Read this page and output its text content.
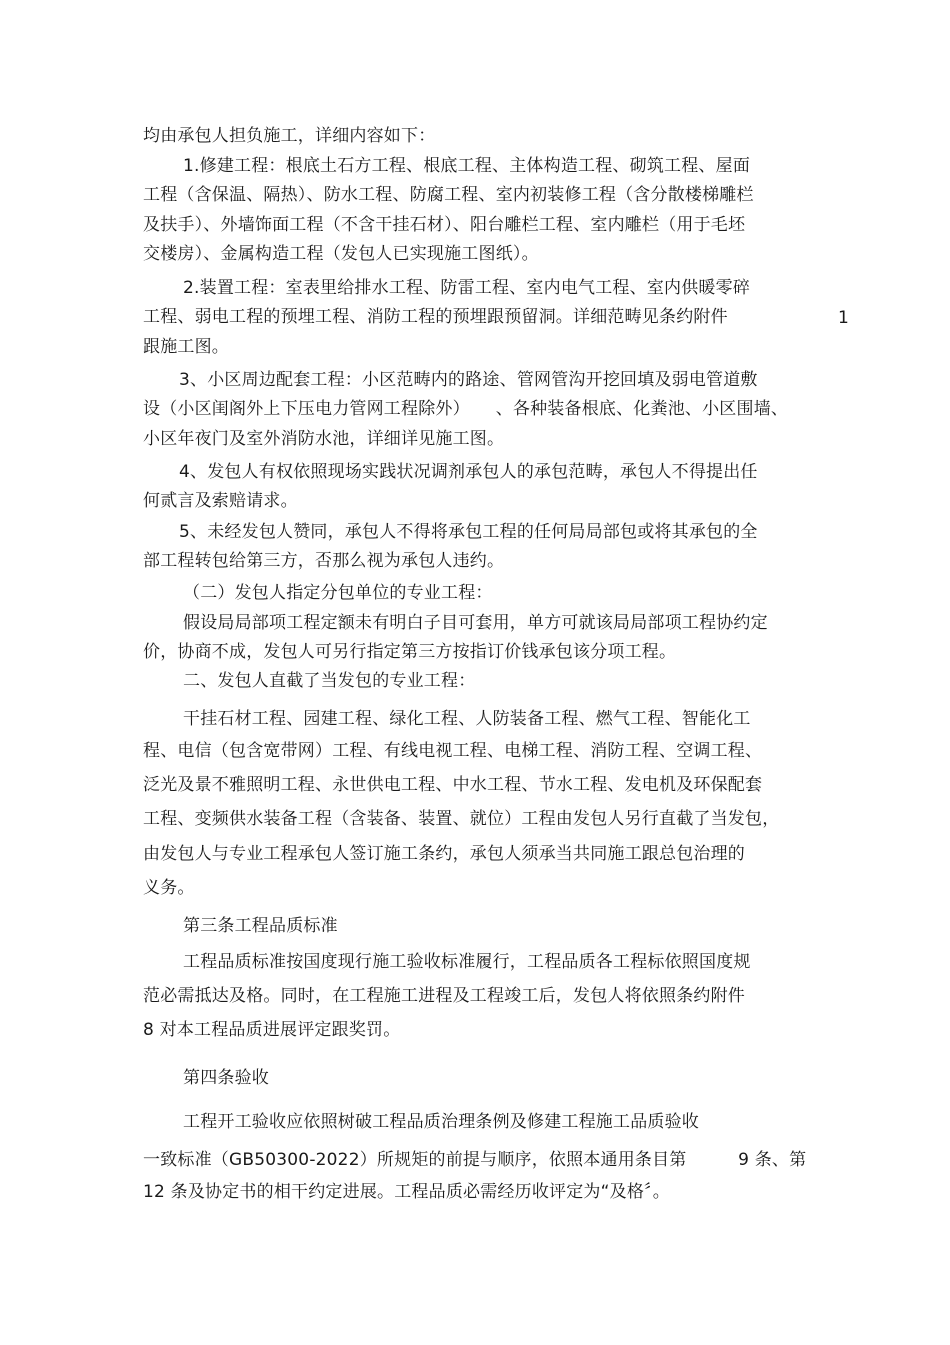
均由承包人担负施工，详细内容如下：
1.修建工程：根底土石方工程、根底工程、主体构造工程、砌筑工程、屋面
工程（含保温、隔热）、防水工程、防腐工程、室内初装修工程（含分散楼梯雕栏
及扶手）、外墙饰面工程（不含干挂石材）、阳台雕栏工程、室内雕栏（用于毛坯
交楼房）、金属构造工程（发包人已实现施工图纸）。
2.装置工程：室表里给排水工程、防雷工程、室内电气工程、室内供暖零碎
工程、弱电工程的预埋工程、消防工程的预埋跟预留洞。详细范畴见条约附件	1
跟施工图。
3、小区周边配套工程：小区范畴内的路途、管网管沟开挖回填及弱电管道敷
设（小区闺阁外上下压电力管网工程除外）　　、各种装备根底、化粪池、小区围墙、
小区年夜门及室外消防水池，详细详见施工图。
4、发包人有权依照现场实践状况调剂承包人的承包范畴，承包人不得提出任
何贰言及索赔请求。
5、未经发包人赞同，承包人不得将承包工程的任何局局部包或将其承包的全
部工程转包给第三方，否那么视为承包人违约。
（二）发包人指定分包单位的专业工程：
假设局局部项工程定额未有明白子目可套用，单方可就该局局部项工程协约定
价，协商不成，发包人可另行指定第三方按指订价钱承包该分项工程。
二、发包人直截了当发包的专业工程：
干挂石材工程、园建工程、绿化工程、人防装备工程、燃气工程、智能化工
程、电信（包含宽带网）工程、有线电视工程、电梯工程、消防工程、空调工程、
泛光及景不雅照明工程、永世供电工程、中水工程、节水工程、发电机及环保配套
工程、变频供水装备工程（含装备、装置、就位）工程由发包人另行直截了当发包，
由发包人与专业工程承包人签订施工条约，承包人须承当共同施工跟总包治理的
义务。
第三条工程品质标准
工程品质标准按国度现行施工验收标准履行，工程品质各工程标依照国度规
范必需抵达及格。同时，在工程施工进程及工程竣工后，发包人将依照条约附件
8 对本工程品质进展评定跟奖罚。
第四条验收
工程开工验收应依照树破工程品质治理条例及修建工程施工品质验收
一致标准（GB50300-2022）所规矩的前提与顺序，依照本通用条目第　　　9 条、第
12 条及协定书的相干约定进展。工程品质必需经历收评定为“及格〞。
